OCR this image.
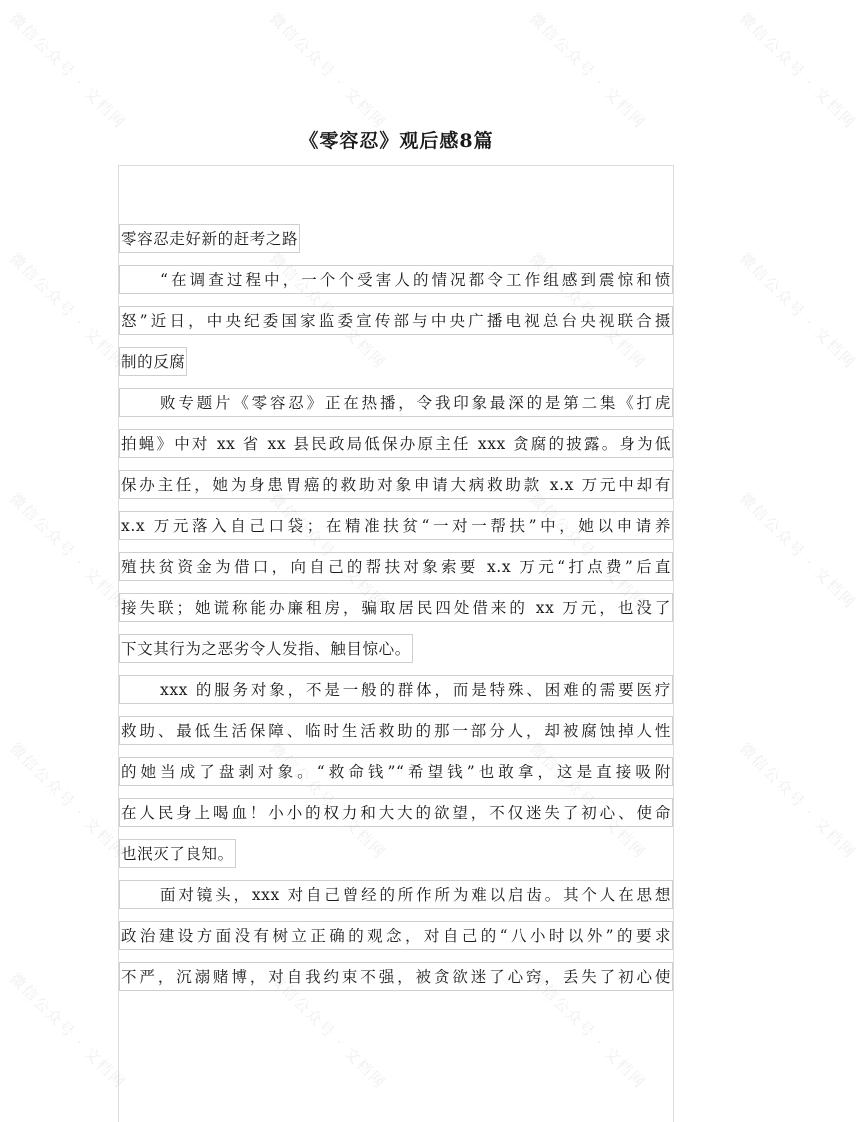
《零容忍》观后感8篇
零容忍走好新的赶考之路
“在调查过程中，一个个受害人的情况都令工作组感到震惊和愤
怒”近日，中央纪委国家监委宣传部与中央广播电视总台央视联合摄
制的反腐
败专题片《零容忍》正在热播，令我印象最深的是第二集《打虎
拍蝇》中对 xx 省 xx 县民政局低保办原主任 xxx 贪腐的披露。身为低
保办主任，她为身患胃癌的救助对象申请大病救助款 x.x 万元中却有
x.x 万元落入自己口袋；在精准扶贫“一对一帮扶”中，她以申请养
殖扶贫资金为借口，向自己的帮扶对象索要 x.x 万元“打点费”后直
接失联；她谎称能办廉租房，骗取居民四处借来的 xx 万元，也没了
下文其行为之恶劣令人发指、触目惊心。
xxx 的服务对象，不是一般的群体，而是特殊、困难的需要医疗
救助、最低生活保障、临时生活救助的那一部分人，却被腐蚀掉人性
的她当成了盘剥对象。“救命钱”“希望钱”也敢拿，这是直接吸附
在人民身上喝血！小小的权力和大大的欲望，不仅迷失了初心、使命
也泯灭了良知。
面对镜头，xxx 对自己曾经的所作所为难以启齿。其个人在思想
政治建设方面没有树立正确的观念，对自己的“八小时以外”的要求
不严，沉溺赌博，对自我约束不强，被贪欲迷了心窍，丢失了初心使
微信公众号 · 文档网	微信公众号 · 文档网	微信公众号 · 文档网	微信公众号 · 文档网
微信公众号 · 文档网	微信公众号 · 文档网	微信公众号 · 文档网	微信公众号 · 文档网
微信公众号 · 文档网	微信公众号 · 文档网	微信公众号 · 文档网	微信公众号 · 文档网
微信公众号 · 文档网	微信公众号 · 文档网	微信公众号 · 文档网	微信公众号 · 文档网
微信公众号 · 文档网	微信公众号 · 文档网	微信公众号 · 文档网
